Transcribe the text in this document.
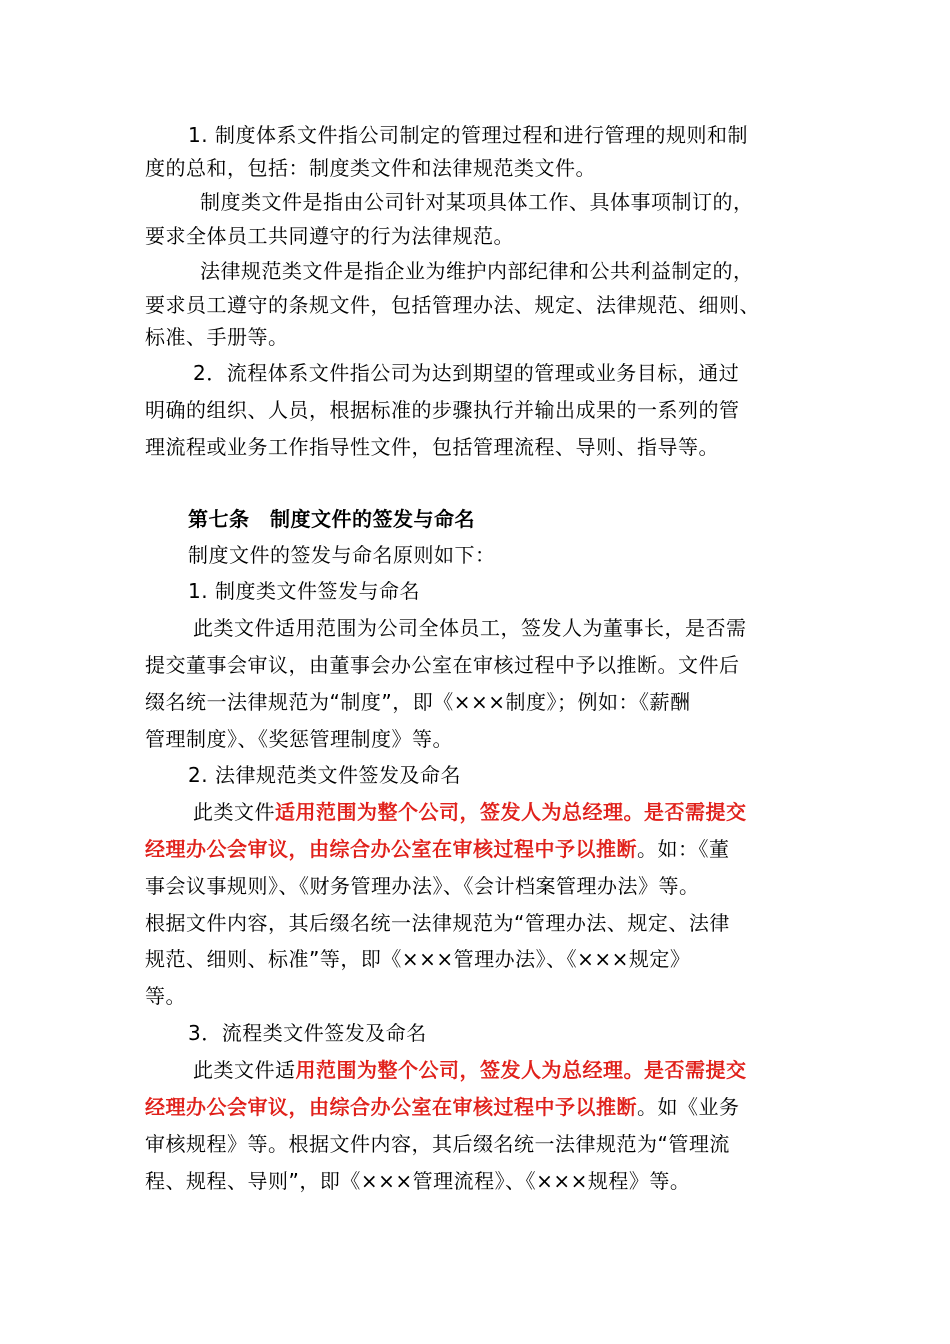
1. 制度体系文件指公司制定的管理过程和进行管理的规则和制

度的总和，包括：制度类文件和法律规范类文件。

制度类文件是指由公司针对某项具体工作、具体事项制订的，

要求全体员工共同遵守的行为法律规范。

法律规范类文件是指企业为维护内部纪律和公共利益制定的，

要求员工遵守的条规文件，包括管理办法、规定、法律规范、细则、

标准、手册等。

2．流程体系文件指公司为达到期望的管理或业务目标，通过

明确的组织、人员，根据标准的步骤执行并输出成果的一系列的管

理流程或业务工作指导性文件，包括管理流程、导则、指导等。

第七条　制度文件的签发与命名

制度文件的签发与命名原则如下：

1. 制度类文件签发与命名

此类文件适用范围为公司全体员工，签发人为董事长，是否需

提交董事会审议，由董事会办公室在审核过程中予以推断。文件后

缀名统一法律规范为“制度”，即《×××制度》；例如：《薪酬

管理制度》、《奖惩管理制度》等。

2. 法律规范类文件签发及命名

此类文件适用范围为整个公司，签发人为总经理。是否需提交

经理办公会审议，由综合办公室在审核过程中予以推断。如：《董

事会议事规则》、《财务管理办法》、《会计档案管理办法》等。

根据文件内容，其后缀名统一法律规范为“管理办法、规定、法律

规范、细则、标准”等，即《×××管理办法》、《×××规定》

等。

3．流程类文件签发及命名

此类文件适用范围为整个公司，签发人为总经理。是否需提交

经理办公会审议，由综合办公室在审核过程中予以推断。如《业务

审核规程》等。根据文件内容，其后缀名统一法律规范为“管理流

程、规程、导则”，即《×××管理流程》、《×××规程》等。
